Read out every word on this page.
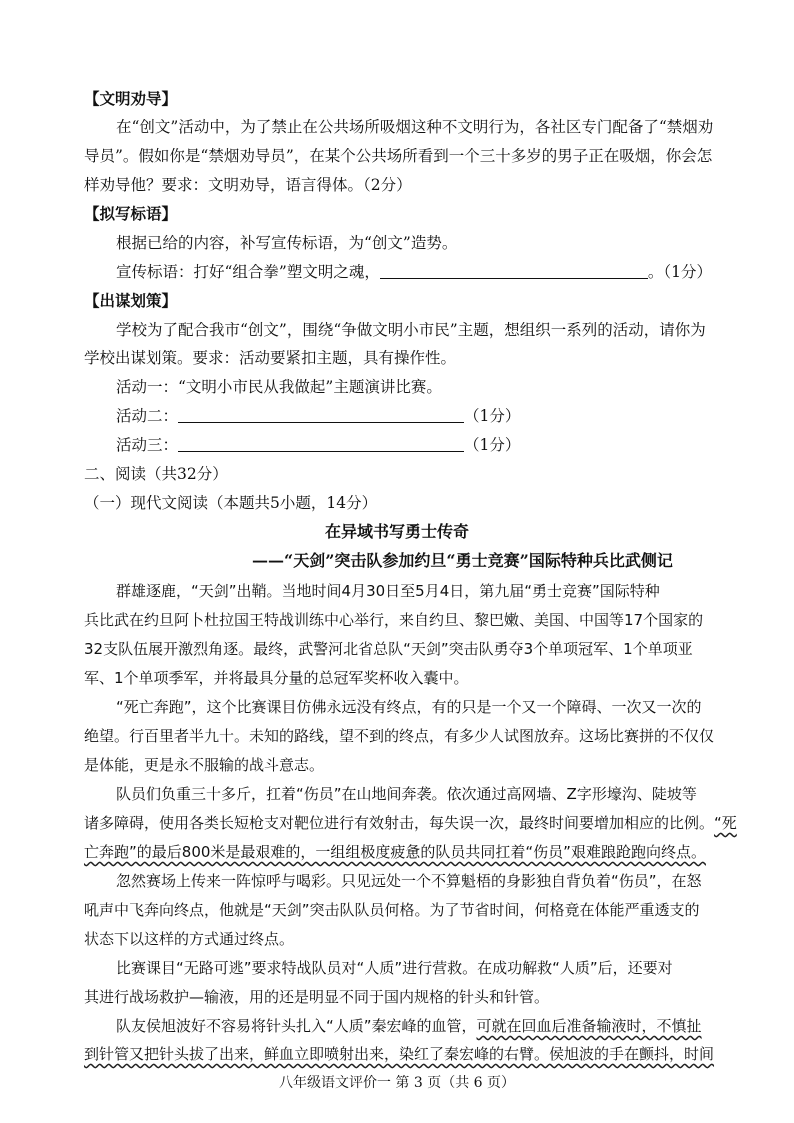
【文明劝导】
在“创文”活动中，为了禁止在公共场所吸烟这种不文明行为，各社区专门配备了“禁烟劝
导员”。假如你是“禁烟劝导员”，在某个公共场所看到一个三十多岁的男子正在吸烟，你会怎
样劝导他？要求：文明劝导，语言得体。（2分）
【拟写标语】
根据已给的内容，补写宣传标语，为“创文”造势。
宣传标语：打好“组合拳”塑文明之魂，	。（1分）
【出谋划策】
学校为了配合我市“创文”，围绕“争做文明小市民”主题，想组织一系列的活动，请你为
学校出谋划策。要求：活动要紧扣主题，具有操作性。
活动一：“文明小市民从我做起”主题演讲比赛。
活动二：	（1分）
活动三：	（1分）
二、阅读（共32分）
（一）现代文阅读（本题共5小题，14分）
在异域书写勇士传奇
——“天剑”突击队参加约旦“勇士竞赛”国际特种兵比武侧记
群雄逐鹿，“天剑”出鞘。当地时间4月30日至5月4日，第九届“勇士竞赛”国际特种
兵比武在约旦阿卜杜拉国王特战训练中心举行，来自约旦、黎巴嫩、美国、中国等17个国家的
32支队伍展开激烈角逐。最终，武警河北省总队“天剑”突击队勇夺3个单项冠军、1个单项亚
军、1个单项季军，并将最具分量的总冠军奖杯收入囊中。
“死亡奔跑”，这个比赛课目仿佛永远没有终点，有的只是一个又一个障碍、一次又一次的
绝望。行百里者半九十。未知的路线，望不到的终点，有多少人试图放弃。这场比赛拼的不仅仅
是体能，更是永不服输的战斗意志。
队员们负重三十多斤，扛着“伤员”在山地间奔袭。依次通过高网墙、Z字形壕沟、陡坡等
诸多障碍，使用各类长短枪支对靶位进行有效射击，每失误一次，最终时间要增加相应的比例。“死
亡奔跑”的最后800米是最艰难的，一组组极度疲惫的队员共同扛着“伤员”艰难踉跄跑向终点。
忽然赛场上传来一阵惊呼与喝彩。只见远处一个不算魁梧的身影独自背负着“伤员”，在怒
吼声中飞奔向终点，他就是“天剑”突击队队员何格。为了节省时间，何格竟在体能严重透支的
状态下以这样的方式通过终点。
比赛课目“无路可逃”要求特战队员对“人质”进行营救。在成功解救“人质”后，还要对
其进行战场救护—输液，用的还是明显不同于国内规格的针头和针管。
队友侯旭波好不容易将针头扎入“人质”秦宏峰的血管，可就在回血后准备输液时，不慎扯
到针管又把针头拔了出来，鲜血立即喷射出来，染红了秦宏峰的右臂。侯旭波的手在颤抖，时间
八年级语文评价一 第 3 页（共 6 页）
